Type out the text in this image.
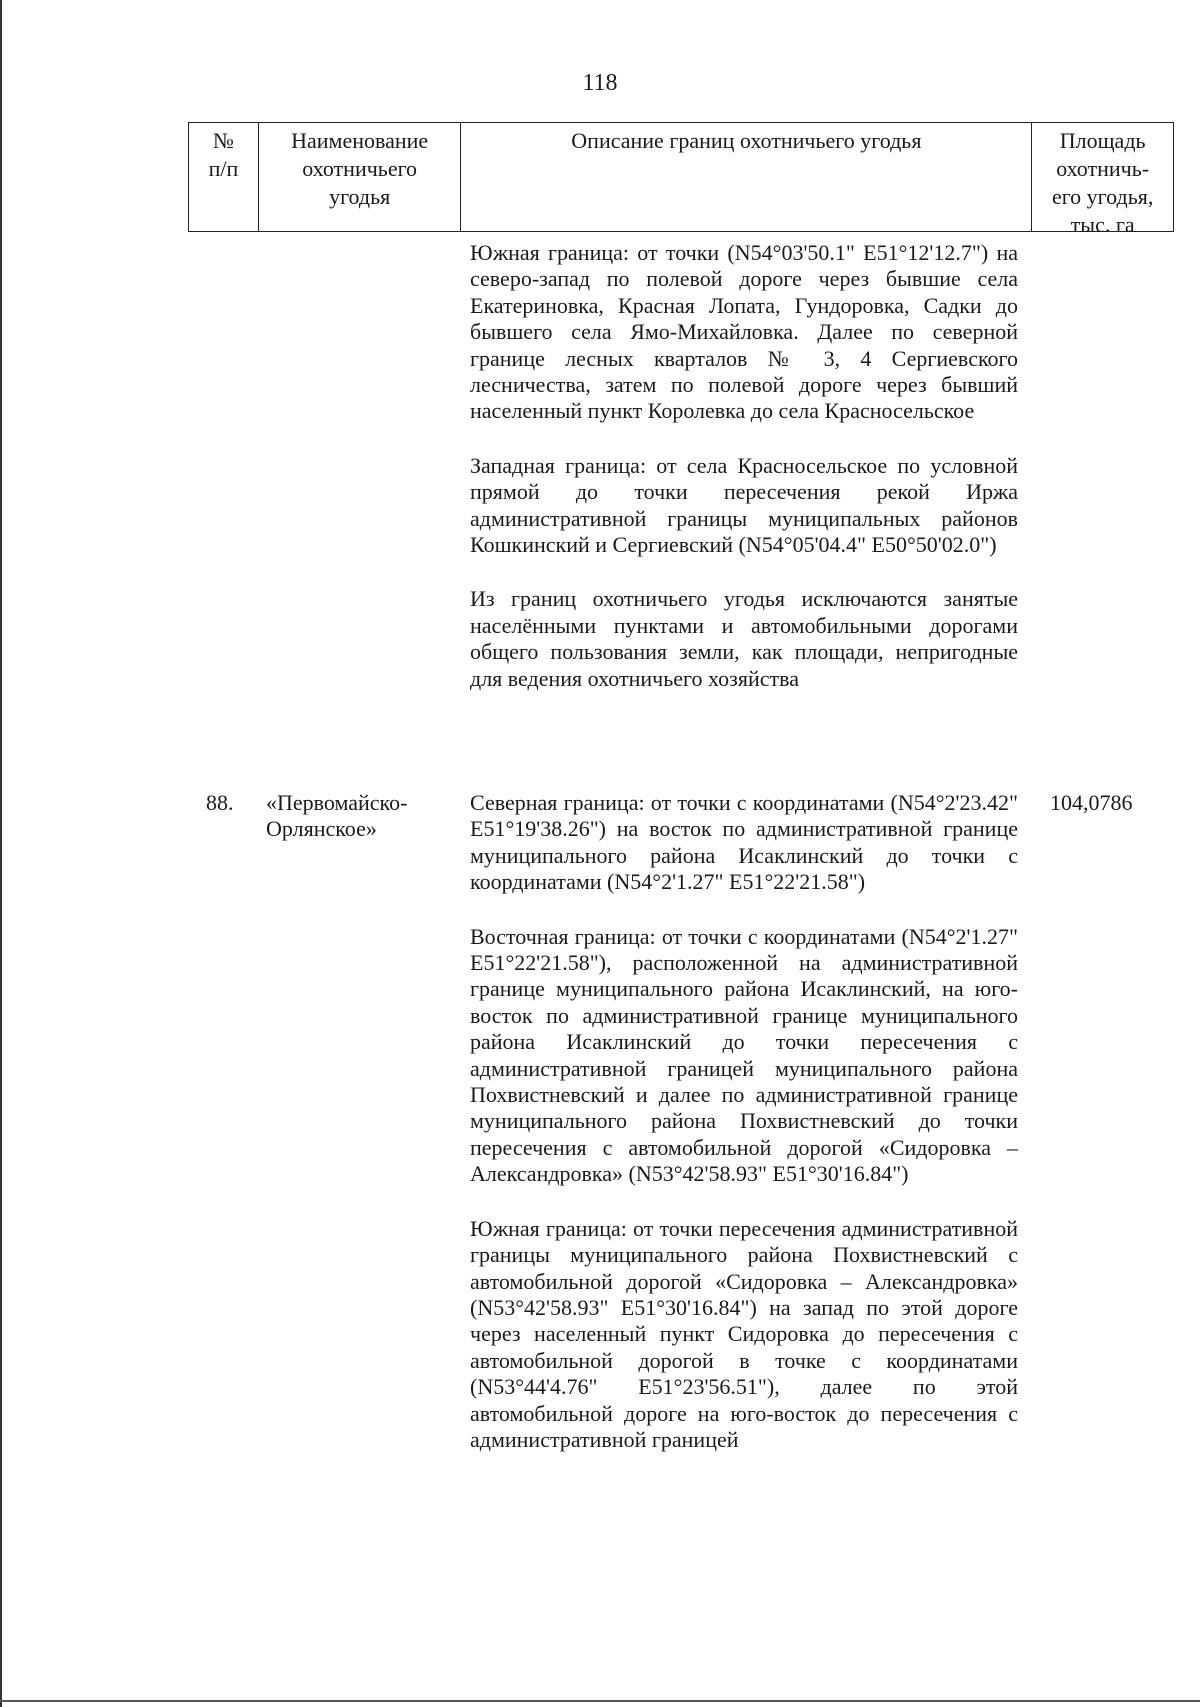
118
№
п/п
Наименование
охотничьего
угодья
Описание границ охотничьего угодья	Площадь
охотничь-
его угодья,
тыс. га

Южная граница: от точки (N54°03'50.1" E51°12'12.7") на северо-запад по полевой дороге через бывшие села Екатериновка, Красная Лопата, Гундоровка, Садки до бывшего села Ямо-Михайловка. Далее по северной границе лесных кварталов № 3, 4 Сергиевского лесничества, затем по полевой дороге через бывший населенный пункт Королевка до села Красносельское

Западная граница: от села Красносельское по условной прямой до точки пересечения рекой Иржа административной границы муниципальных районов Кошкинский и Сергиевский (N54°05'04.4" E50°50'02.0")

Из границ охотничьего угодья исключаются занятые населёнными пунктами и автомобильными дорогами общего пользования земли, как площади, непригодные для ведения охотничьего хозяйства

88.	«Первомайско-
Орлянское»

Северная граница: от точки с координатами (N54°2'23.42" E51°19'38.26") на восток по административной границе муниципального района Исаклинский до точки с координатами (N54°2'1.27" E51°22'21.58")

Восточная граница: от точки с координатами (N54°2'1.27" E51°22'21.58"), расположенной на административной границе муниципального района Исаклинский, на юго-восток по административной границе муниципального района Исаклинский до точки пересечения с административной границей муниципального района Похвистневский и далее по административной границе муниципального района Похвистневский до точки пересечения с автомобильной дорогой «Сидоровка – Александровка» (N53°42'58.93" E51°30'16.84")

Южная граница: от точки пересечения административной границы муниципального района Похвистневский с автомобильной дорогой «Сидоровка – Александровка» (N53°42'58.93" E51°30'16.84") на запад по этой дороге через населенный пункт Сидоровка до пересечения с автомобильной дорогой в точке с координатами (N53°44'4.76" E51°23'56.51"), далее по этой автомобильной дороге на юго-восток до пересечения с административной границей

104,0786
